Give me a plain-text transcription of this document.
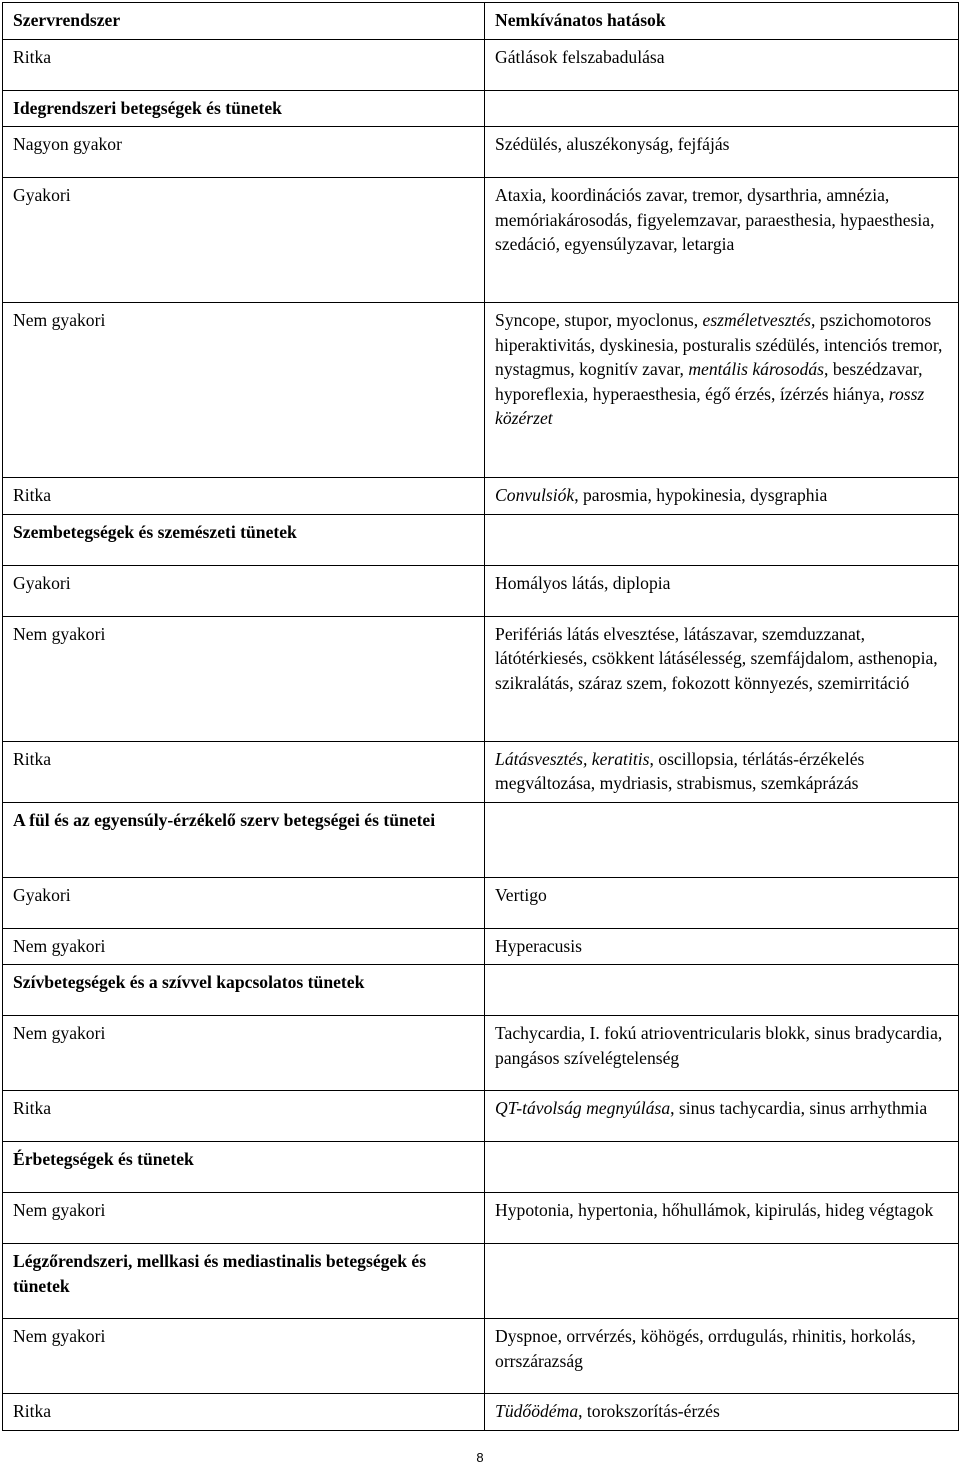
Szervrendszer	Nemkívánatos hatások
Ritka	Gátlások felszabadulása
Idegrendszeri betegségek és tünetek	
Nagyon gyakor	Szédülés, aluszékonyság, fejfájás
Gyakori	Ataxia, koordinációs zavar, tremor, dysarthria, amnézia, memóriakárosodás, figyelemzavar, paraesthesia, hypaesthesia, szedáció, egyensúlyzavar, letargia
Nem gyakori	Syncope, stupor, myoclonus, eszméletvesztés, pszichomotoros hiperaktivitás, dyskinesia, posturalis szédülés, intenciós tremor, nystagmus, kognitív zavar, mentális károsodás, beszédzavar, hyporeflexia, hyperaesthesia, égő érzés, ízérzés hiánya, rossz közérzet
Ritka	Convulsiók, parosmia, hypokinesia, dysgraphia
Szembetegségek és szemészeti tünetek	
Gyakori	Homályos látás, diplopia
Nem gyakori	Perifériás látás elvesztése, látászavar, szemduzzanat, látótérkiesés, csökkent látásélesség, szemfájdalom, asthenopia, szikralátás, száraz szem, fokozott könnyezés, szemirritáció
Ritka	Látásvesztés, keratitis, oscillopsia, térlátás-érzékelés megváltozása, mydriasis, strabismus, szemkáprázás
A fül és az egyensúly-érzékelő szerv betegségei és tünetei	
Gyakori	Vertigo
Nem gyakori	Hyperacusis
Szívbetegségek és a szívvel kapcsolatos tünetek	
Nem gyakori	Tachycardia, I. fokú atrioventricularis blokk, sinus bradycardia, pangásos szívelégtelenség
Ritka	QT-távolság megnyúlása, sinus tachycardia, sinus arrhythmia
Érbetegségek és tünetek	
Nem gyakori	Hypotonia, hypertonia, hőhullámok, kipirulás, hideg végtagok
Légzőrendszeri, mellkasi és mediastinalis betegségek és tünetek	
Nem gyakori	Dyspnoe, orrvérzés, köhögés, orrdugulás, rhinitis, horkolás, orrszárazság
Ritka	Tüdőödéma, torokszorítás-érzés
8
